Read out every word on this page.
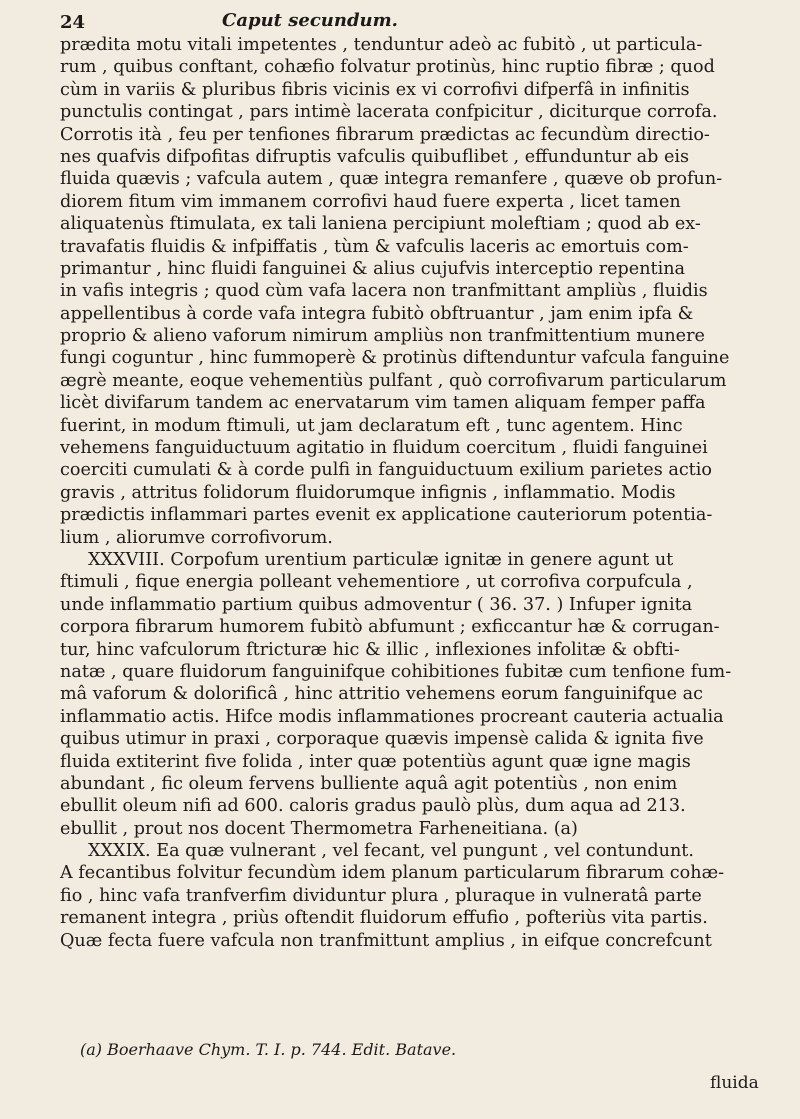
24	Caput secundum.
prædita motu vitali impetentes , tenduntur adeò ac fubitò , ut particula-
rum , quibus conftant, cohæfio folvatur protinùs, hinc ruptio fibræ ; quod
cùm in variis & pluribus fibris vicinis ex vi corrofivi difperfâ in infinitis
punctulis contingat , pars intimè lacerata confpicitur , diciturque corrofa.
Corrotis ità , feu per tenfiones fibrarum prædictas ac fecundùm directio-
nes quafvis difpofitas difruptis vafculis quibuflibet , effunduntur ab eis
fluida quævis ; vafcula autem , quæ integra remanfere , quæve ob profun-
diorem fitum vim immanem corrofivi haud fuere experta , licet tamen
aliquatenùs ftimulata, ex tali laniena percipiunt moleftiam ; quod ab ex-
travafatis fluidis & infpiffatis , tùm & vafculis laceris ac emortuis com-
primantur , hinc fluidi fanguinei & alius cujufvis interceptio repentina
in vafis integris ; quod cùm vafa lacera non tranfmittant ampliùs , fluidis
appellentibus à corde vafa integra fubitò obftruantur , jam enim ipfa &
proprio & alieno vaforum nimirum ampliùs non tranfmittentium munere
fungi coguntur , hinc fummoperè & protinùs diftenduntur vafcula fanguine
ægrè meante, eoque vehementiùs pulfant , quò corrofivarum particularum
licèt divifarum tandem ac enervatarum vim tamen aliquam femper paffa
fuerint, in modum ftimuli, ut jam declaratum eft , tunc agentem. Hinc
vehemens fanguiductuum agitatio in fluidum coercitum , fluidi fanguinei
coerciti cumulati & à corde pulfi in fanguiductuum exilium parietes actio
gravis , attritus folidorum fluidorumque infignis , inflammatio. Modis
prædictis inflammari partes evenit ex applicatione cauteriorum potentia-
lium , aliorumve corrofivorum.
XXXVIII. Corpofum urentium particulæ ignitæ in genere agunt ut
ftimuli , fique energia polleant vehementiore , ut corrofiva corpufcula ,
unde inflammatio partium quibus admoventur ( 36. 37. ) Infuper ignita
corpora fibrarum humorem fubitò abfumunt ; exficcantur hæ & corrugan-
tur, hinc vafculorum ftricturæ hic & illic , inflexiones infolitæ & obfti-
natæ , quare fluidorum fanguinifque cohibitiones fubitæ cum tenfione fum-
mâ vaforum & dolorificâ , hinc attritio vehemens eorum fanguinifque ac
inflammatio actis. Hifce modis inflammationes procreant cauteria actualia
quibus utimur in praxi , corporaque quævis impensè calida & ignita five
fluida extiterint five folida , inter quæ potentiùs agunt quæ igne magis
abundant , fic oleum fervens bulliente aquâ agit potentiùs , non enim
ebullit oleum nifi ad 600. caloris gradus paulò plùs, dum aqua ad 213.
ebullit , prout nos docent Thermometra Farheneitiana. (a)
XXXIX. Ea quæ vulnerant , vel fecant, vel pungunt , vel contundunt.
A fecantibus folvitur fecundùm idem planum particularum fibrarum cohæ-
fio , hinc vafa tranfverfim dividuntur plura , pluraque in vulneratâ parte
remanent integra , priùs oftendit fluidorum effufio , pofteriùs vita partis.
Quæ fecta fuere vafcula non tranfmittunt amplius , in eifque concrefcunt
(a) Boerhaave Chym. T. I. p. 744. Edit. Batave.
fluida
